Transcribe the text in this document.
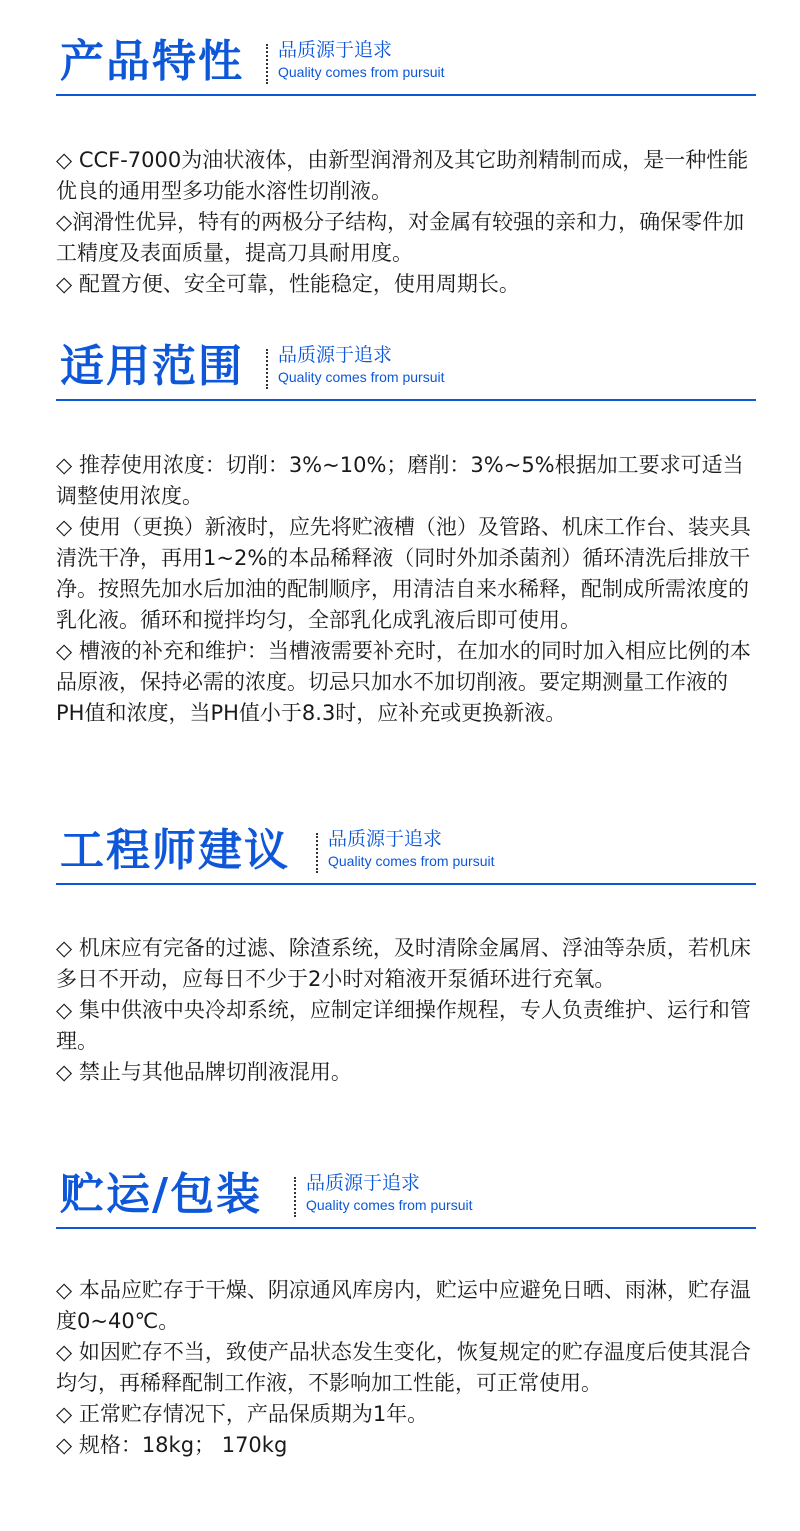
产品特性 品质源于追求
Quality comes from pursuit

◇ CCF-7000为油状液体，由新型润滑剂及其它助剂精制而成，是一种性能优良的通用型多功能水溶性切削液。

◇润滑性优异，特有的两极分子结构，对金属有较强的亲和力，确保零件加工精度及表面质量，提高刀具耐用度。

◇ 配置方便、安全可靠，性能稳定，使用周期长。

适用范围 品质源于追求
Quality comes from pursuit

◇ 推荐使用浓度：切削：3%~10%；磨削：3%~5%根据加工要求可适当调整使用浓度。

◇ 使用（更换）新液时，应先将贮液槽（池）及管路、机床工作台、装夹具清洗干净，再用1~2%的本品稀释液（同时外加杀菌剂）循环清洗后排放干净。按照先加水后加油的配制顺序，用清洁自来水稀释，配制成所需浓度的乳化液。循环和搅拌均匀，全部乳化成乳液后即可使用。

◇ 槽液的补充和维护：当槽液需要补充时，在加水的同时加入相应比例的本品原液，保持必需的浓度。切忌只加水不加切削液。要定期测量工作液的PH值和浓度，当PH值小于8.3时，应补充或更换新液。

工程师建议 品质源于追求
Quality comes from pursuit

◇ 机床应有完备的过滤、除渣系统，及时清除金属屑、浮油等杂质，若机床多日不开动，应每日不少于2小时对箱液开泵循环进行充氧。

◇ 集中供液中央冷却系统，应制定详细操作规程，专人负责维护、运行和管理。

◇ 禁止与其他品牌切削液混用。

贮运/包装 品质源于追求
Quality comes from pursuit

◇ 本品应贮存于干燥、阴凉通风库房内，贮运中应避免日晒、雨淋，贮存温度0~40℃。

◇ 如因贮存不当，致使产品状态发生变化，恢复规定的贮存温度后使其混合均匀，再稀释配制工作液，不影响加工性能，可正常使用。

◇ 正常贮存情况下，产品保质期为1年。

◇ 规格：18kg； 170kg
